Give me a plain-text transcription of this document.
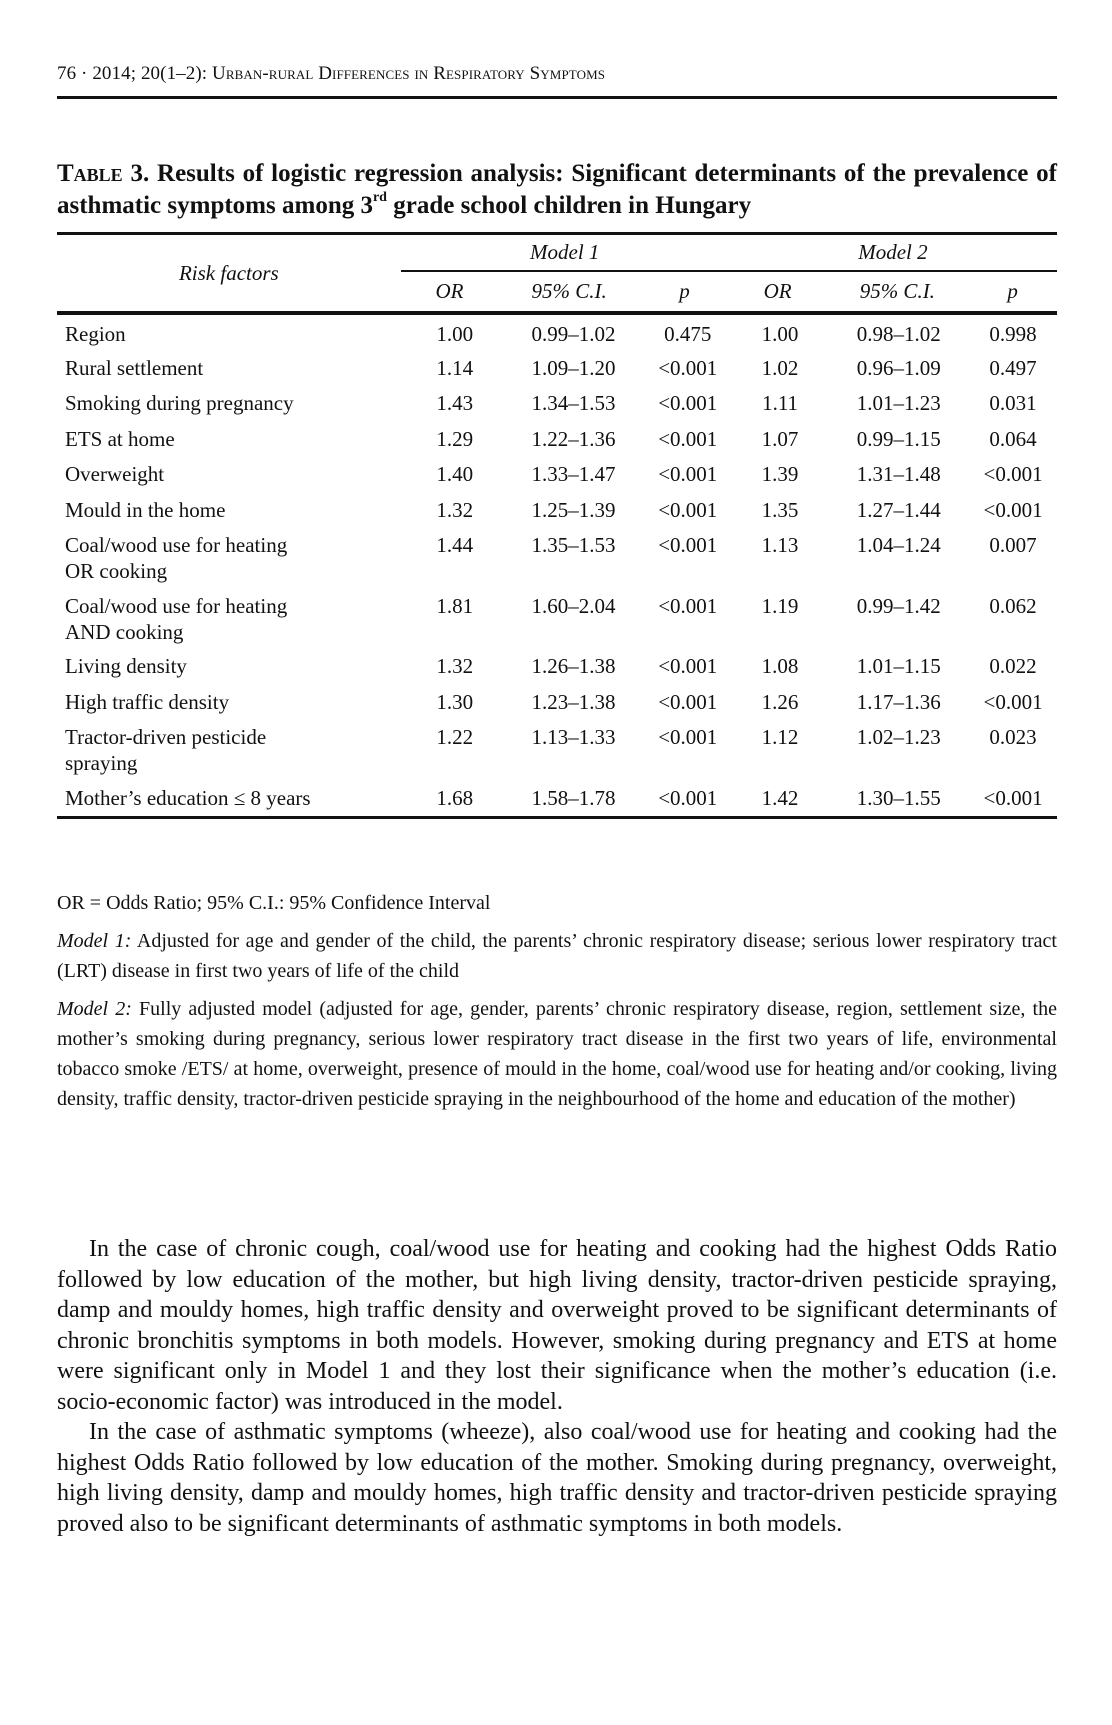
76 · 2014; 20(1–2): Urban-rural Differences in Respiratory Symptoms
Table 3. Results of logistic regression analysis: Significant determinants of the prevalence of asthmatic symptoms among 3rd grade school children in Hungary
Risk factors	Model 1			Model 2		
	OR	95% C.I.	p	OR	95% C.I.	p
Region	1.00	0.99–1.02	0.475	1.00	0.98–1.02	0.998

Rural settlement	1.14	1.09–1.20	<0.001	1.02	0.96–1.09	0.497

Smoking during pregnancy	1.43	1.34–1.53	<0.001	1.11	1.01–1.23	0.031

ETS at home	1.29	1.22–1.36	<0.001	1.07	0.99–1.15	0.064

Overweight	1.40	1.33–1.47	<0.001	1.39	1.31–1.48	<0.001

Mould in the home	1.32	1.25–1.39	<0.001	1.35	1.27–1.44	<0.001

Coal/wood use for heating
OR cooking	1.44	1.35–1.53	<0.001	1.13	1.04–1.24	0.007

Coal/wood use for heating
AND cooking	1.81	1.60–2.04	<0.001	1.19	0.99–1.42	0.062

Living density	1.32	1.26–1.38	<0.001	1.08	1.01–1.15	0.022

High traffic density	1.30	1.23–1.38	<0.001	1.26	1.17–1.36	<0.001

Tractor-driven pesticide
spraying	1.22	1.13–1.33	<0.001	1.12	1.02–1.23	0.023

Mother’s education ≤ 8 years	1.68	1.58–1.78	<0.001	1.42	1.30–1.55	<0.001

OR = Odds Ratio; 95% C.I.: 95% Confidence Interval

Model 1: Adjusted for age and gender of the child, the parents’ chronic respiratory disease; serious lower respiratory tract (LRT) disease in first two years of life of the child

Model 2: Fully adjusted model (adjusted for age, gender, parents’ chronic respiratory disease, region, settlement size, the mother’s smoking during pregnancy, serious lower respiratory tract disease in the first two years of life, environmental tobacco smoke /ETS/ at home, overweight, presence of mould in the home, coal/wood use for heating and/or cooking, living density, traffic density, tractor-driven pesticide spraying in the neighbourhood of the home and education of the mother)

In the case of chronic cough, coal/wood use for heating and cooking had the highest Odds Ratio followed by low education of the mother, but high living density, tractor-driven pesticide spraying, damp and mouldy homes, high traffic density and overweight proved to be significant determinants of chronic bronchitis symptoms in both models. However, smoking during pregnancy and ETS at home were significant only in Model 1 and they lost their significance when the mother’s education (i.e. socio-economic factor) was introduced in the model.

In the case of asthmatic symptoms (wheeze), also coal/wood use for heating and cooking had the highest Odds Ratio followed by low education of the mother. Smoking during pregnancy, overweight, high living density, damp and mouldy homes, high traffic density and tractor-driven pesticide spraying proved also to be significant determinants of asthmatic symptoms in both models.
